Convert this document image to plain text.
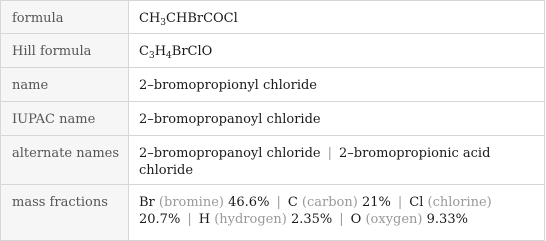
formula	$CH_3CHBrCOCl$
Hill formula	$C_3H_4BrClO$
name	2–bromopropionyl chloride
IUPAC name	2–bromopropanoyl chloride
alternate names	2–bromopropanoyl chloride | 2–bromopropionic acid chloride

mass fractions	Br (bromine) 46.6% | C (carbon) 21% | Cl (chlorine) 20.7% | H (hydrogen) 2.35% | O (oxygen) 9.33%
